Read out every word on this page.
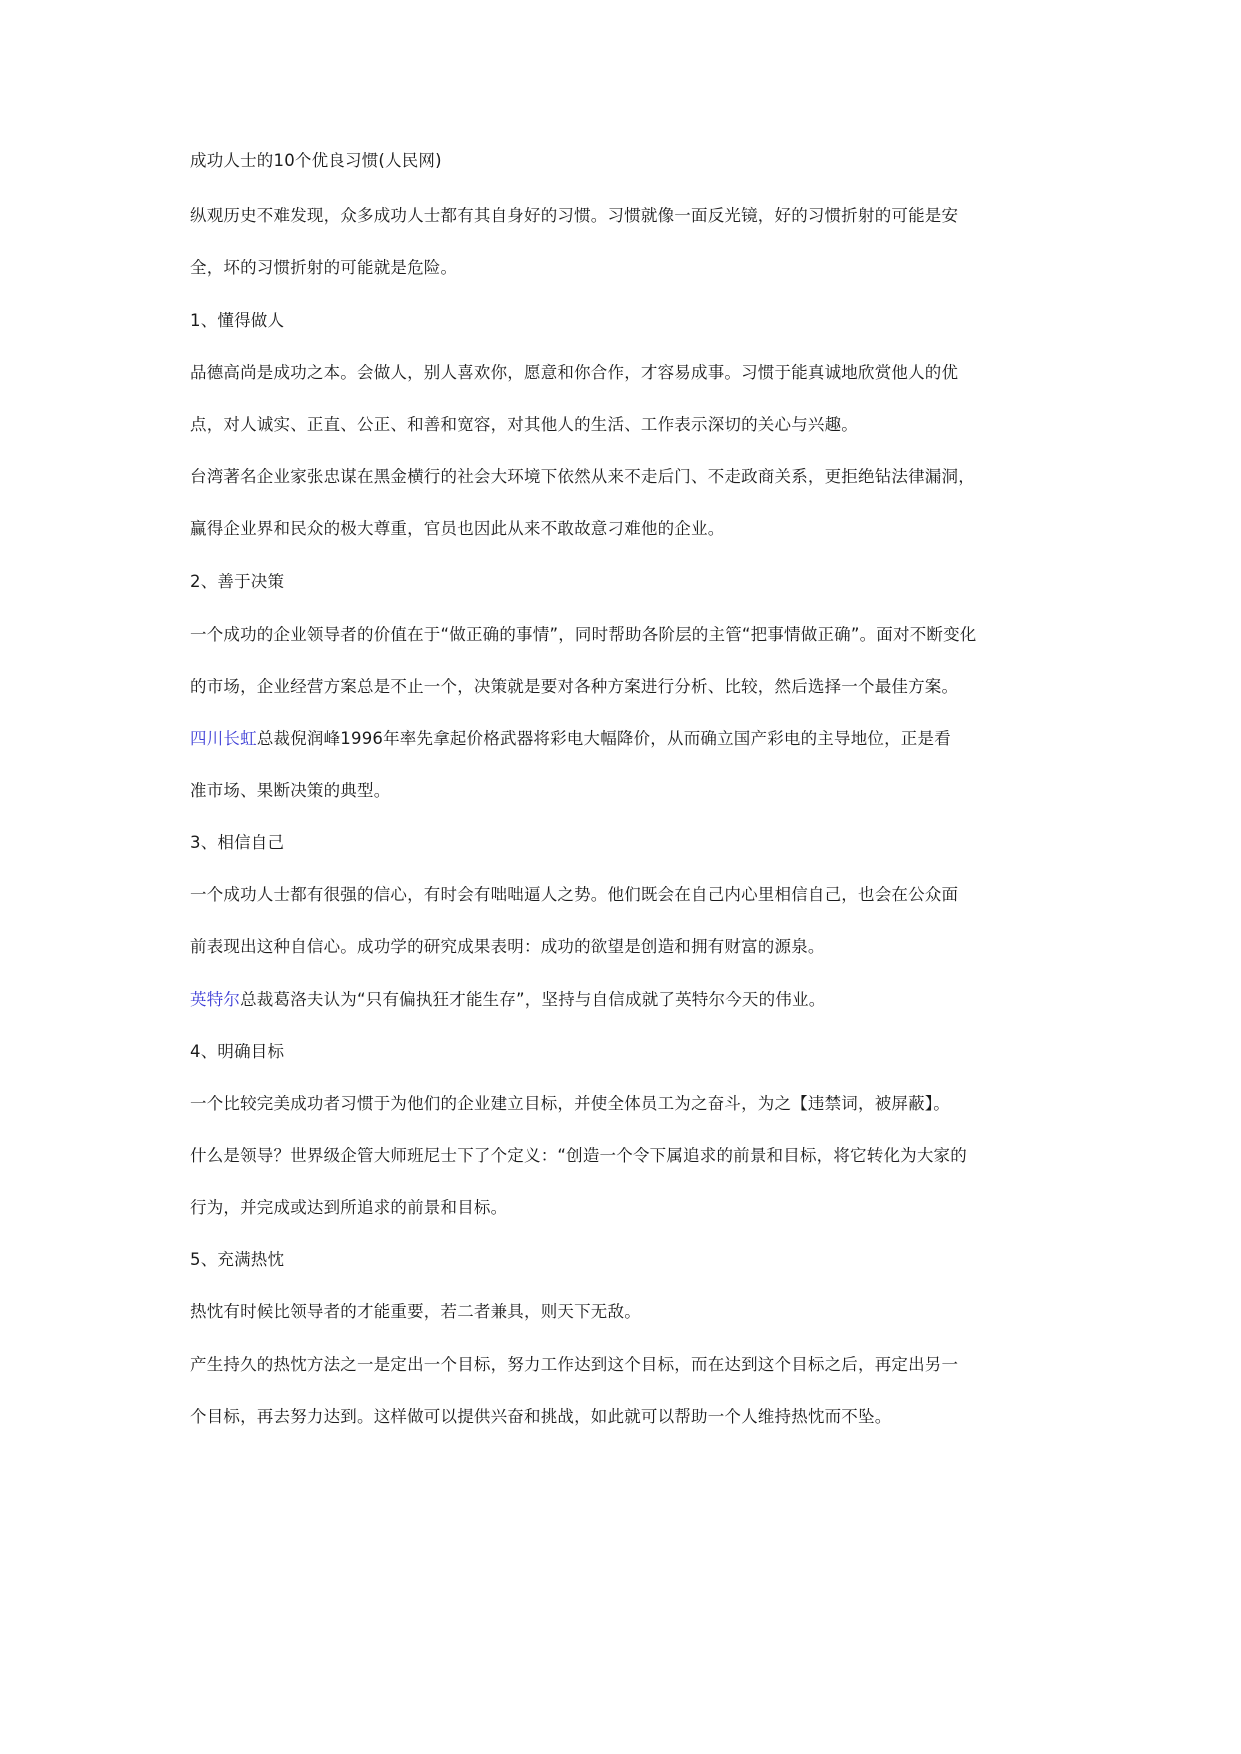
成功人士的10个优良习惯(人民网)
纵观历史不难发现，众多成功人士都有其自身好的习惯。习惯就像一面反光镜，好的习惯折射的可能是安
全，坏的习惯折射的可能就是危险。
1、懂得做人
品德高尚是成功之本。会做人，别人喜欢你，愿意和你合作，才容易成事。习惯于能真诚地欣赏他人的优
点，对人诚实、正直、公正、和善和宽容，对其他人的生活、工作表示深切的关心与兴趣。
台湾著名企业家张忠谋在黑金横行的社会大环境下依然从来不走后门、不走政商关系，更拒绝钻法律漏洞，
赢得企业界和民众的极大尊重，官员也因此从来不敢故意刁难他的企业。
2、善于决策
一个成功的企业领导者的价值在于“做正确的事情”，同时帮助各阶层的主管“把事情做正确”。面对不断变化
的市场，企业经营方案总是不止一个，决策就是要对各种方案进行分析、比较，然后选择一个最佳方案。
四川长虹总裁倪润峰1996年率先拿起价格武器将彩电大幅降价，从而确立国产彩电的主导地位，正是看
准市场、果断决策的典型。
3、相信自己
一个成功人士都有很强的信心，有时会有咄咄逼人之势。他们既会在自己内心里相信自己，也会在公众面
前表现出这种自信心。成功学的研究成果表明：成功的欲望是创造和拥有财富的源泉。
英特尔总裁葛洛夫认为“只有偏执狂才能生存”，坚持与自信成就了英特尔今天的伟业。
4、明确目标
一个比较完美成功者习惯于为他们的企业建立目标，并使全体员工为之奋斗，为之【违禁词，被屏蔽】。
什么是领导？世界级企管大师班尼士下了个定义：“创造一个令下属追求的前景和目标，将它转化为大家的
行为，并完成或达到所追求的前景和目标。
5、充满热忱
热忱有时候比领导者的才能重要，若二者兼具，则天下无敌。
产生持久的热忱方法之一是定出一个目标，努力工作达到这个目标，而在达到这个目标之后，再定出另一
个目标，再去努力达到。这样做可以提供兴奋和挑战，如此就可以帮助一个人维持热忱而不坠。
